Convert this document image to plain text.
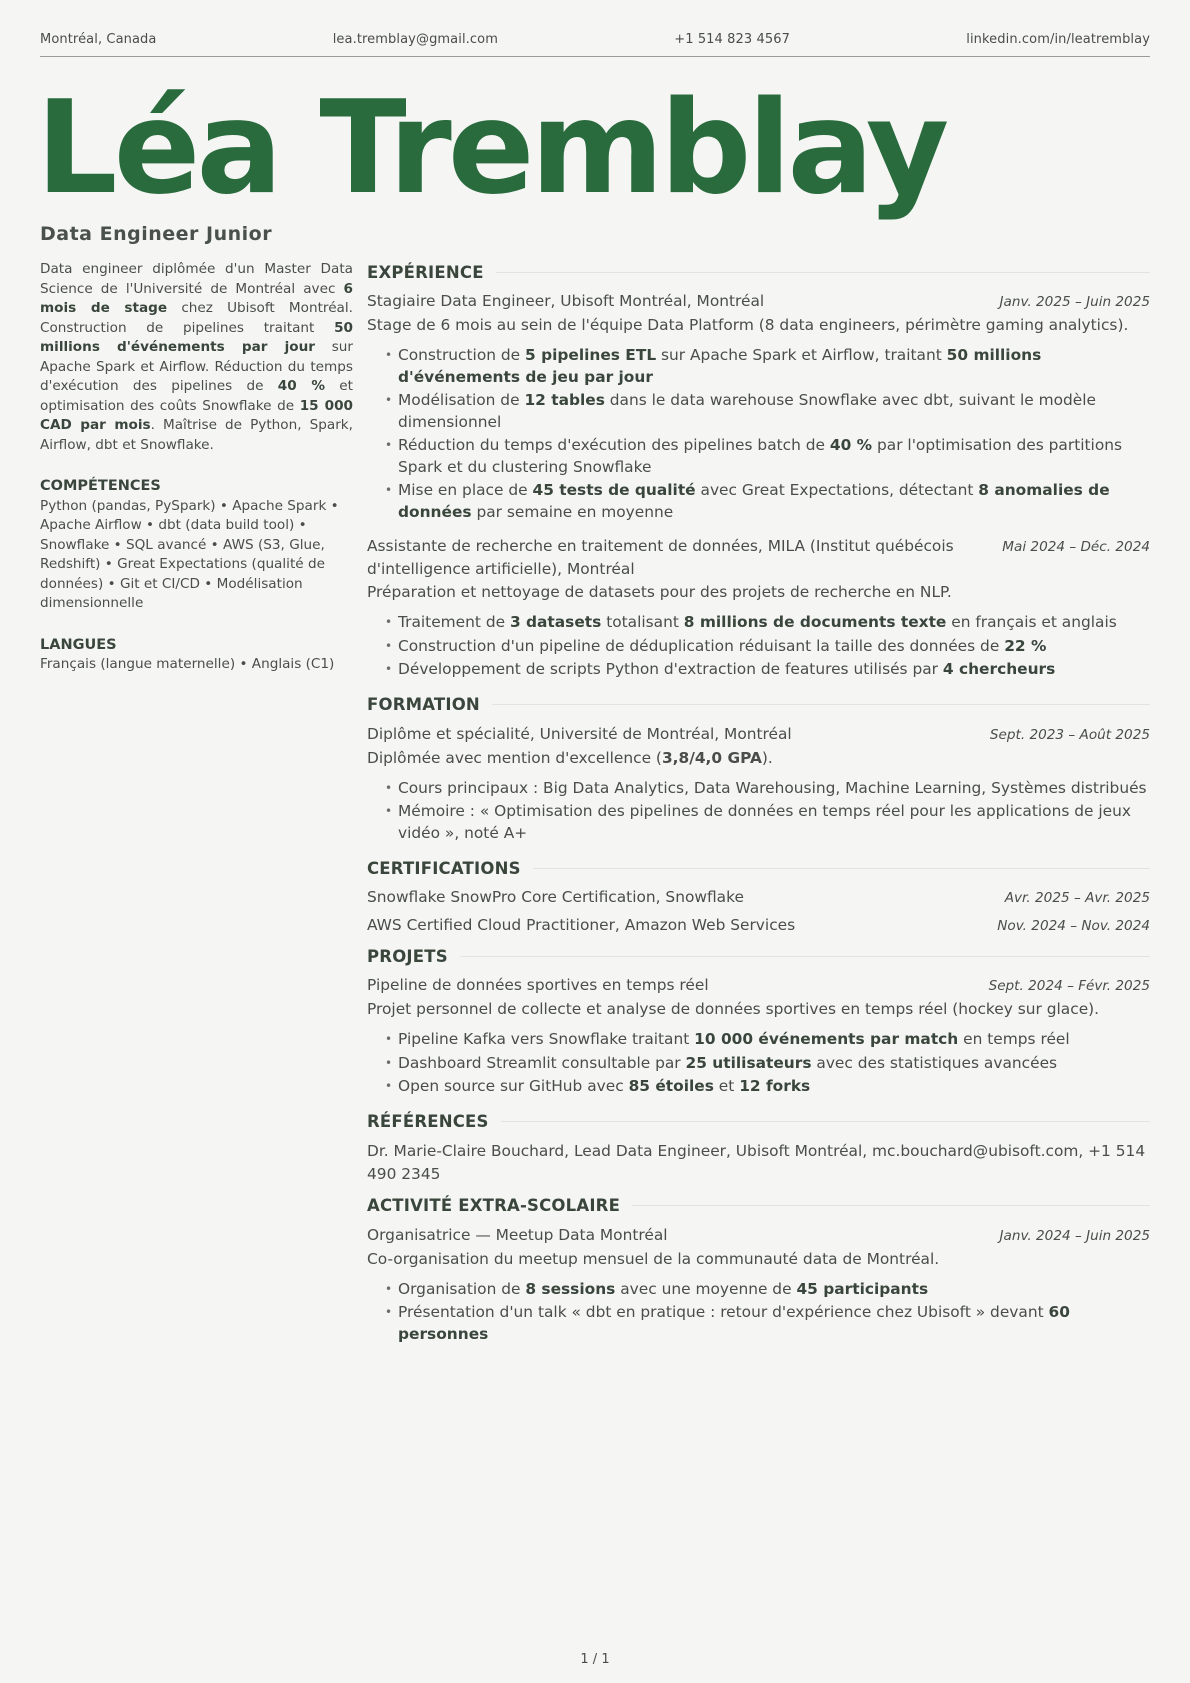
Montréal, Canada	lea.tremblay@gmail.com	+1 514 823 4567	linkedin.com/in/leatremblay
Léa Tremblay
Data Engineer Junior
Data engineer diplômée d'un Master Data Science de l'Université de Montréal avec 6 mois de stage chez Ubisoft Montréal. Construction de pipelines traitant 50 millions d'événements par jour sur Apache Spark et Airflow. Réduction du temps d'exécution des pipelines de 40 % et optimisation des coûts Snowflake de 15 000 CAD par mois. Maîtrise de Python, Spark, Airflow, dbt et Snowflake.
COMPÉTENCES
Python (pandas, PySpark) • Apache Spark • Apache Airflow • dbt (data build tool) • Snowflake • SQL avancé • AWS (S3, Glue, Redshift) • Great Expectations (qualité de données) • Git et CI/CD • Modélisation dimensionnelle
LANGUES
Français (langue maternelle) • Anglais (C1)
EXPÉRIENCE
Stagiaire Data Engineer, Ubisoft Montréal, Montréal	Janv. 2025 – Juin 2025
Stage de 6 mois au sein de l'équipe Data Platform (8 data engineers, périmètre gaming analytics).
• Construction de 5 pipelines ETL sur Apache Spark et Airflow, traitant 50 millions d'événements de jeu par jour
• Modélisation de 12 tables dans le data warehouse Snowflake avec dbt, suivant le modèle dimensionnel
• Réduction du temps d'exécution des pipelines batch de 40 % par l'optimisation des partitions Spark et du clustering Snowflake
• Mise en place de 45 tests de qualité avec Great Expectations, détectant 8 anomalies de données par semaine en moyenne
Assistante de recherche en traitement de données, MILA (Institut québécois d'intelligence artificielle), Montréal
Mai 2024 – Déc. 2024
Préparation et nettoyage de datasets pour des projets de recherche en NLP.
• Traitement de 3 datasets totalisant 8 millions de documents texte en français et anglais
• Construction d'un pipeline de déduplication réduisant la taille des données de 22 %
• Développement de scripts Python d'extraction de features utilisés par 4 chercheurs
FORMATION
Diplôme et spécialité, Université de Montréal, Montréal	Sept. 2023 – Août 2025
Diplômée avec mention d'excellence (3,8/4,0 GPA).
• Cours principaux : Big Data Analytics, Data Warehousing, Machine Learning, Systèmes distribués
• Mémoire : « Optimisation des pipelines de données en temps réel pour les applications de jeux vidéo », noté A+
CERTIFICATIONS
Snowflake SnowPro Core Certification, Snowflake	Avr. 2025 – Avr. 2025
AWS Certified Cloud Practitioner, Amazon Web Services	Nov. 2024 – Nov. 2024
PROJETS
Pipeline de données sportives en temps réel	Sept. 2024 – Févr. 2025
Projet personnel de collecte et analyse de données sportives en temps réel (hockey sur glace).
• Pipeline Kafka vers Snowflake traitant 10 000 événements par match en temps réel
• Dashboard Streamlit consultable par 25 utilisateurs avec des statistiques avancées
• Open source sur GitHub avec 85 étoiles et 12 forks
RÉFÉRENCES
Dr. Marie-Claire Bouchard, Lead Data Engineer, Ubisoft Montréal, mc.bouchard@ubisoft.com, +1 514 490 2345
ACTIVITÉ EXTRA-SCOLAIRE
Organisatrice — Meetup Data Montréal	Janv. 2024 – Juin 2025
Co-organisation du meetup mensuel de la communauté data de Montréal.
• Organisation de 8 sessions avec une moyenne de 45 participants
• Présentation d'un talk « dbt en pratique : retour d'expérience chez Ubisoft » devant 60 personnes
1 / 1
